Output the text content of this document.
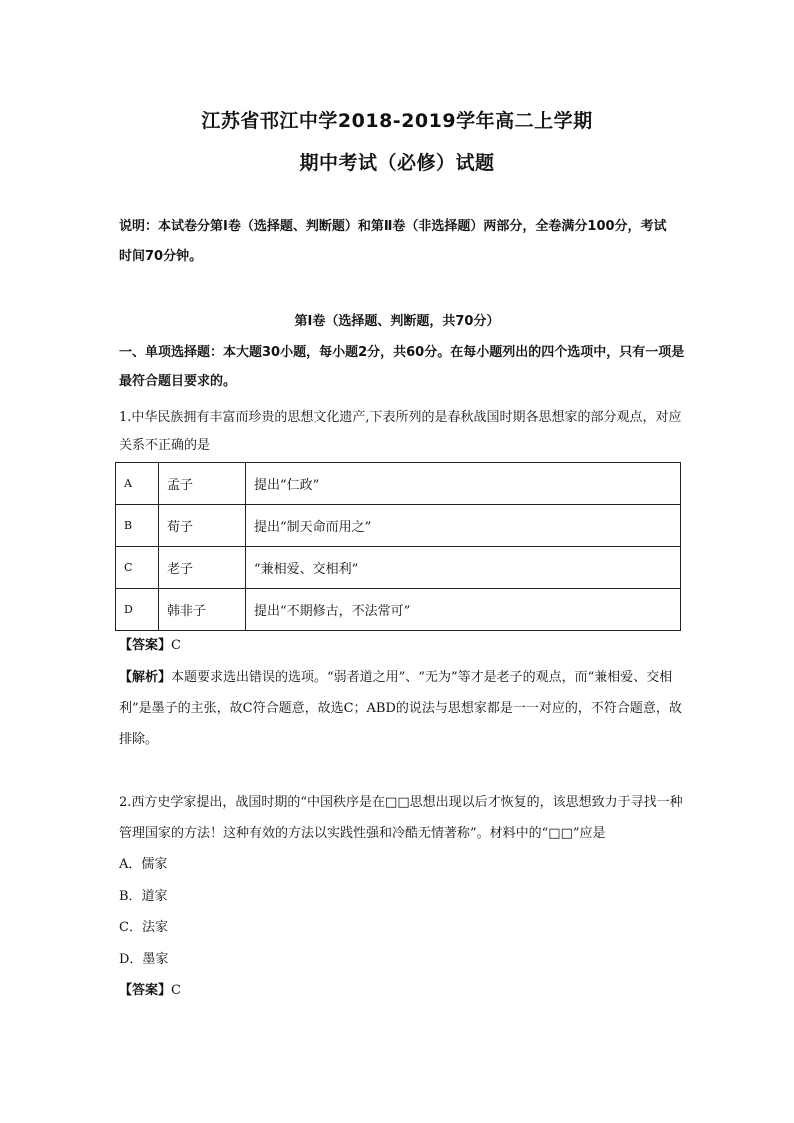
江苏省邗江中学2018-2019学年高二上学期
期中考试（必修）试题
说明：本试卷分第Ⅰ卷（选择题、判断题）和第Ⅱ卷（非选择题）两部分，全卷满分100分，考试时间70分钟。
第Ⅰ卷（选择题、判断题，共70分）
一、单项选择题：本大题30小题，每小题2分，共60分。在每小题列出的四个选项中，只有一项是最符合题目要求的。
1.中华民族拥有丰富而珍贵的思想文化遗产,下表所列的是春秋战国时期各思想家的部分观点，对应关系不正确的是
A	孟子	提出“仁政”
B	荀子	提出“制天命而用之”
C	老子	“兼相爱、交相利”
D	韩非子	提出“不期修古，不法常可”
【答案】C
【解析】本题要求选出错误的选项。“弱者道之用”、“无为”等才是老子的观点，而“兼相爱、交相利”是墨子的主张，故C符合题意，故选C；ABD的说法与思想家都是一一对应的，不符合题意，故排除。
2.西方史学家提出，战国时期的“中国秩序是在□□思想出现以后才恢复的，该思想致力于寻找一种管理国家的方法！这种有效的方法以实践性强和冷酷无情著称”。材料中的“□□”应是
A．儒家
B．道家
C．法家
D．墨家
【答案】C
